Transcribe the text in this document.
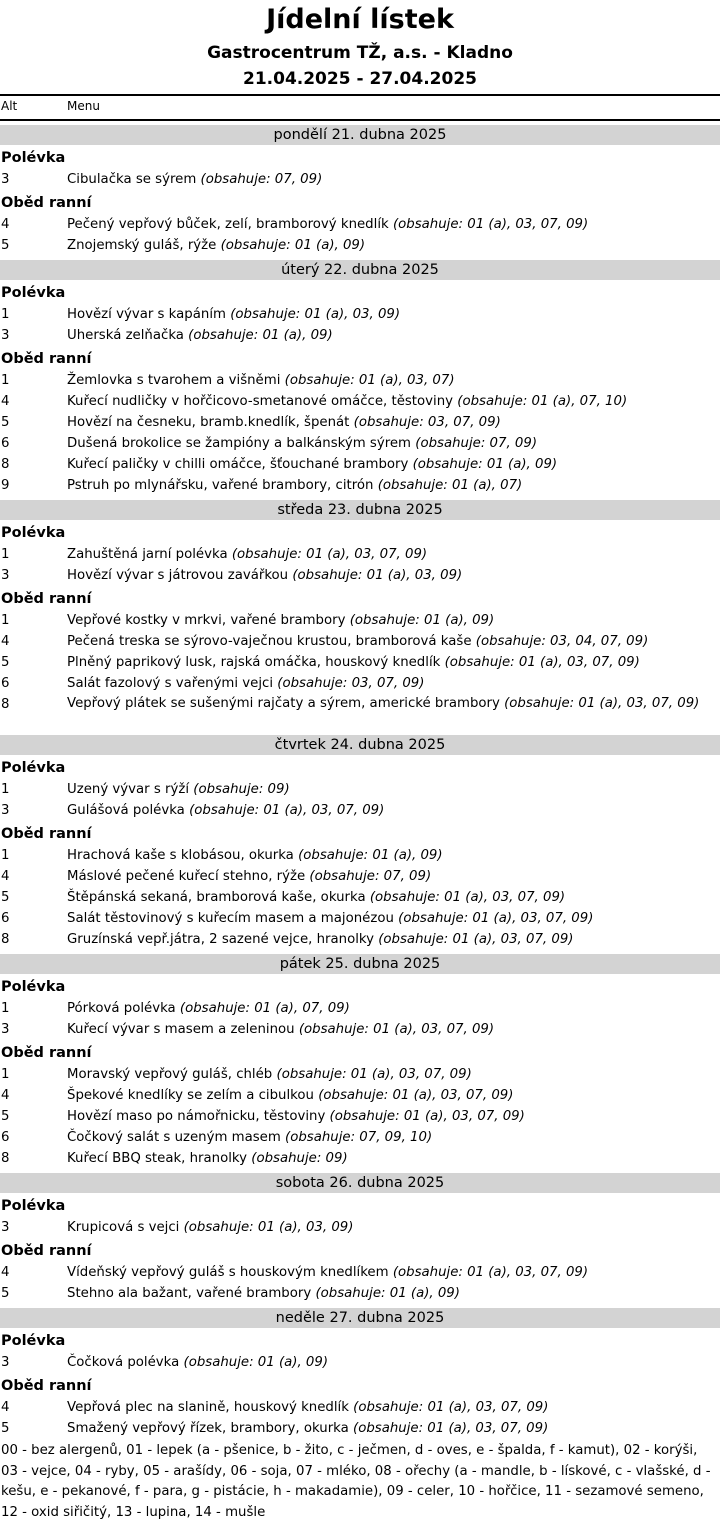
Jídelní lístek
Gastrocentrum TŽ, a.s. - Kladno
21.04.2025 - 27.04.2025
Alt	Menu
pondělí 21. dubna 2025
Polévka
3	Cibulačka se sýrem (obsahuje: 07, 09)
Oběd ranní
4	Pečený vepřový bůček, zelí, bramborový knedlík (obsahuje: 01 (a), 03, 07, 09)
5	Znojemský guláš, rýže (obsahuje: 01 (a), 09)
úterý 22. dubna 2025
Polévka
1	Hovězí vývar s kapáním (obsahuje: 01 (a), 03, 09)
3	Uherská zelňačka (obsahuje: 01 (a), 09)
Oběd ranní
1	Žemlovka s tvarohem a višněmi (obsahuje: 01 (a), 03, 07)
4	Kuřecí nudličky v hořčicovo-smetanové omáčce, těstoviny (obsahuje: 01 (a), 07, 10)
5	Hovězí na česneku, bramb.knedlík, špenát (obsahuje: 03, 07, 09)
6	Dušená brokolice se žampióny a balkánským sýrem (obsahuje: 07, 09)
8	Kuřecí paličky v chilli omáčce, šťouchané brambory (obsahuje: 01 (a), 09)
9	Pstruh po mlynářsku, vařené brambory, citrón (obsahuje: 01 (a), 07)
středa 23. dubna 2025
Polévka
1	Zahuštěná jarní polévka (obsahuje: 01 (a), 03, 07, 09)
3	Hovězí vývar s játrovou zavářkou (obsahuje: 01 (a), 03, 09)
Oběd ranní
1	Vepřové kostky v mrkvi, vařené brambory (obsahuje: 01 (a), 09)
4	Pečená treska se sýrovo-vaječnou krustou, bramborová kaše (obsahuje: 03, 04, 07, 09)
5	Plněný paprikový lusk, rajská omáčka, houskový knedlík (obsahuje: 01 (a), 03, 07, 09)
6	Salát fazolový s vařenými vejci (obsahuje: 03, 07, 09)
8	Vepřový plátek se sušenými rajčaty a sýrem, americké brambory (obsahuje: 01 (a), 03, 07, 09)
čtvrtek 24. dubna 2025
Polévka
1	Uzený vývar s rýží (obsahuje: 09)
3	Gulášová polévka (obsahuje: 01 (a), 03, 07, 09)
Oběd ranní
1	Hrachová kaše s klobásou, okurka (obsahuje: 01 (a), 09)
4	Máslové pečené kuřecí stehno, rýže (obsahuje: 07, 09)
5	Štěpánská sekaná, bramborová kaše, okurka (obsahuje: 01 (a), 03, 07, 09)
6	Salát těstovinový s kuřecím masem a majonézou (obsahuje: 01 (a), 03, 07, 09)
8	Gruzínská vepř.játra, 2 sazené vejce, hranolky (obsahuje: 01 (a), 03, 07, 09)
pátek 25. dubna 2025
Polévka
1	Pórková polévka (obsahuje: 01 (a), 07, 09)
3	Kuřecí vývar s masem a zeleninou (obsahuje: 01 (a), 03, 07, 09)
Oběd ranní
1	Moravský vepřový guláš, chléb (obsahuje: 01 (a), 03, 07, 09)
4	Špekové knedlíky se zelím a cibulkou (obsahuje: 01 (a), 03, 07, 09)
5	Hovězí maso po námořnicku, těstoviny (obsahuje: 01 (a), 03, 07, 09)
6	Čočkový salát s uzeným masem (obsahuje: 07, 09, 10)
8	Kuřecí BBQ steak, hranolky (obsahuje: 09)
sobota 26. dubna 2025
Polévka
3	Krupicová s vejci (obsahuje: 01 (a), 03, 09)
Oběd ranní
4	Vídeňský vepřový guláš s houskovým knedlíkem (obsahuje: 01 (a), 03, 07, 09)
5	Stehno ala bažant, vařené brambory (obsahuje: 01 (a), 09)
neděle 27. dubna 2025
Polévka
3	Čočková polévka (obsahuje: 01 (a), 09)
Oběd ranní
4	Vepřová plec na slanině, houskový knedlík (obsahuje: 01 (a), 03, 07, 09)
5	Smažený vepřový řízek, brambory, okurka (obsahuje: 01 (a), 03, 07, 09)
00 - bez alergenů, 01 - lepek (a - pšenice, b - žito, c - ječmen, d - oves, e - špalda, f - kamut), 02 - korýši, 03 - vejce, 04 - ryby, 05 - arašídy, 06 - soja, 07 - mléko, 08 - ořechy (a - mandle, b - lískové, c - vlašské, d - kešu, e - pekanové, f - para, g - pistácie, h - makadamie), 09 - celer, 10 - hořčice, 11 - sezamové semeno, 12 - oxid siřičitý, 13 - lupina, 14 - mušle
